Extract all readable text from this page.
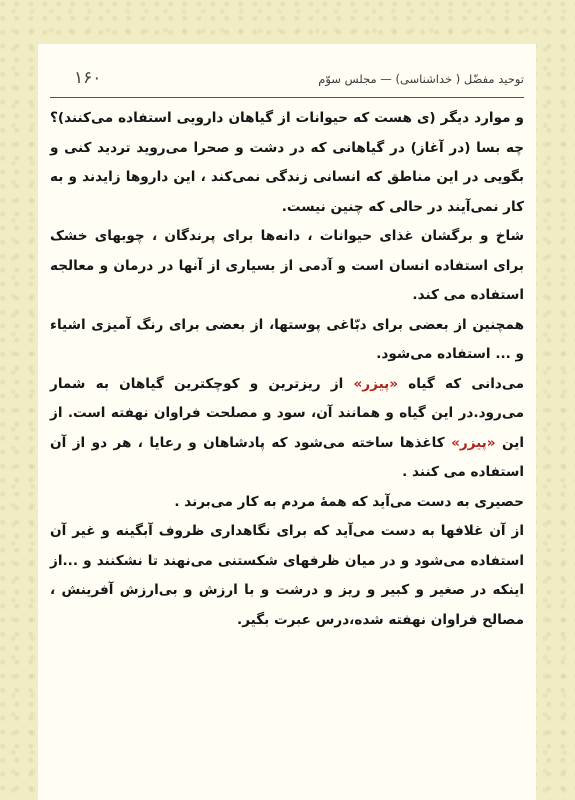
توحید مفضّل ( خداشناسی) — مجلس سوّم
۱۶۰

و موارد دیگر (ی هست که حیوانات از گیاهان دارویی استفاده می‌کنند)؟چه بسا (در آغاز) در گیاهانی که در دشت و صحرا می‌روید تردید کنی و بگویی در این مناطق که انسانی زندگی نمی‌کند ، این داروها زایدند و به کار نمی‌آیند در حالی که چنین نیست.

شاخ و برگشان غذای حیوانات ، دانه‌ها برای پرندگان ، چوبهای خشک برای استفاده انسان است و آدمی از بسیاری از آنها در درمان و معالجه استفاده می کند.

همچنین از بعضی برای دبّاغی پوستها، از بعضی برای رنگ آمیزی اشیاء و ... استفاده می‌شود.

می‌دانی که گیاه «پیزر» از ریزترین و کوچکترین گیاهان به شمار می‌رود.در این گیاه و همانند آن، سود و مصلحت فراوان نهفته است. از این «پیزر» کاغذها ساخته می‌شود که پادشاهان و رعایا ، هر دو از آن استفاده می کنند .

حصیری به دست می‌آید که همهٔ مردم به کار می‌برند .

از آن غلافها به دست می‌آید که برای نگاهداری ظروف آبگینه و غیر آن استفاده می‌شود و در میان ظرفهای شکستنی می‌نهند تا نشکنند و ...از اینکه در صغیر و کبیر و ریز و درشت و با ارزش و بی‌ارزش آفرینش ، مصالح فراوان نهفته شده،درس عبرت بگیر.
